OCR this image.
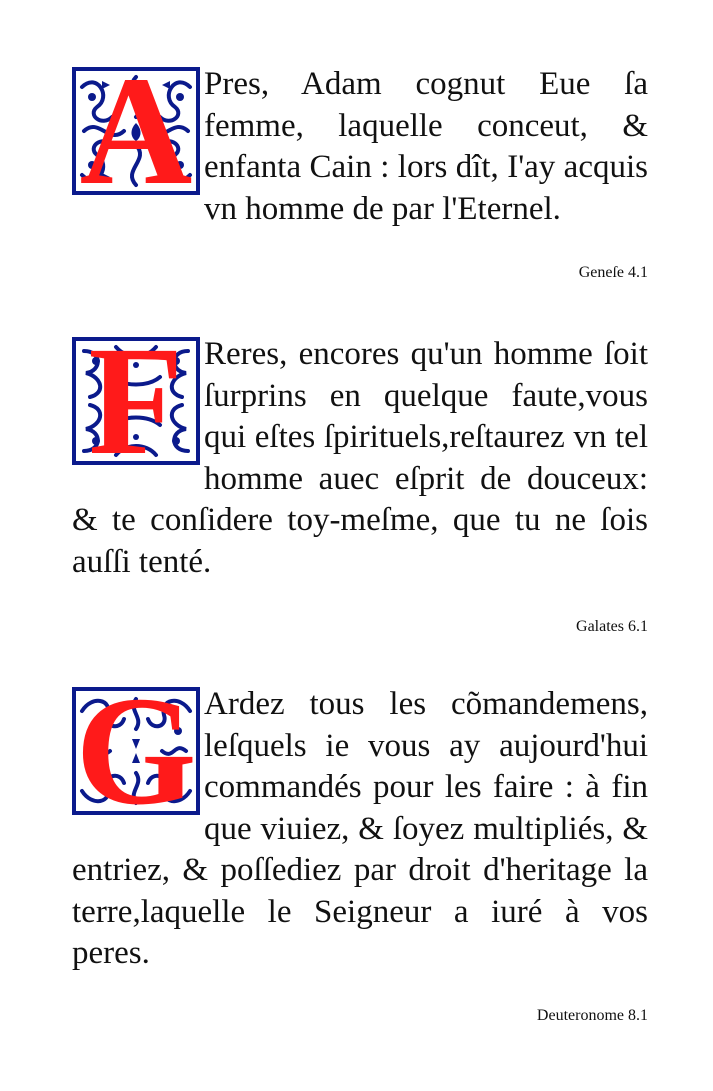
A Pres, Adam cognut Eue ſa femme, laquelle conceut, & enfanta Cain : lors dît, I'ay acquis vn homme de par l'Eternel.

Geneſe 4.1
F Reres, encores qu'un homme ſoit ſurprins en quelque faute,vous qui eſtes ſpirituels,reſtaurez vn tel homme auec eſprit de douceux: & te conſidere toy-meſme, que tu ne ſois auſſi tenté.

Galates 6.1
G Ardez tous les cõmandemens, leſquels ie vous ay aujourd'hui commandés pour les faire : à fin que viuiez, & ſoyez multipliés, & entriez, & poſſediez par droit d'heritage la terre,laquelle le Seigneur a iuré à vos peres.

Deuteronome 8.1
